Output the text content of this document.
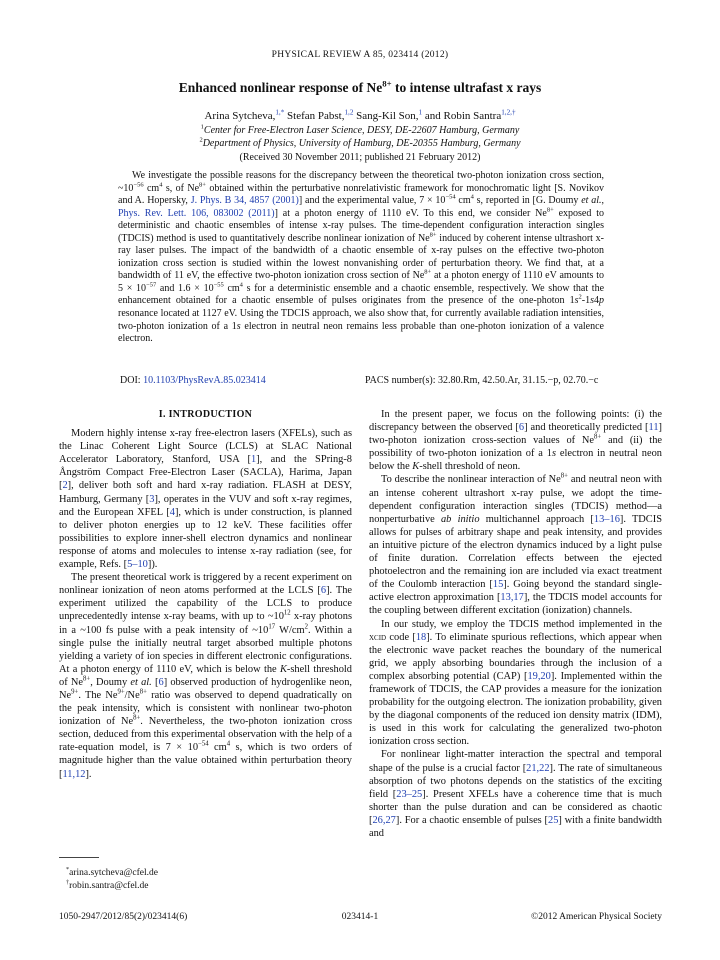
PHYSICAL REVIEW A 85, 023414 (2012)
Enhanced nonlinear response of $Ne^{8+}$ to intense ultrafast x rays
Arina Sytcheva,$^{1,*}$ Stefan Pabst,$^{1,2}$ Sang-Kil Son,$^1$ and Robin Santra$^{1,2,\dagger}$
$^1$Center for Free-Electron Laser Science, DESY, DE-22607 Hamburg, Germany
$^2$Department of Physics, University of Hamburg, DE-20355 Hamburg, Germany
(Received 30 November 2011; published 21 February 2012)
We investigate the possible reasons for the discrepancy between the theoretical two-photon ionization cross section, $\sim 10^{-56}$ $cm^4$ s, of $Ne^{8+}$ obtained within the perturbative nonrelativistic framework for monochromatic light [S. Novikov and A. Hopersky, J. Phys. B 34, 4857 (2001)] and the experimental value, $7 \times 10^{-54}$ $cm^4$ s, reported in [G. Doumy et al., Phys. Rev. Lett. 106, 083002 (2011)] at a photon energy of 1110 eV. To this end, we consider $Ne^{8+}$ exposed to deterministic and chaotic ensembles of intense x-ray pulses. The time-dependent configuration interaction singles (TDCIS) method is used to quantitatively describe nonlinear ionization of $Ne^{8+}$ induced by coherent intense ultrashort x-ray laser pulses. The impact of the bandwidth of a chaotic ensemble of x-ray pulses on the effective two-photon ionization cross section is studied within the lowest nonvanishing order of perturbation theory. We find that, at a bandwidth of 11 eV, the effective two-photon ionization cross section of $Ne^{8+}$ at a photon energy of 1110 eV amounts to $5 \times 10^{-57}$ and $1.6 \times 10^{-55}$ $cm^4$ s for a deterministic ensemble and a chaotic ensemble, respectively. We show that the enhancement obtained for a chaotic ensemble of pulses originates from the presence of the one-photon $1s^2-1s4p$ resonance located at 1127 eV. Using the TDCIS approach, we also show that, for currently available radiation intensities, two-photon ionization of a 1s electron in neutral neon remains less probable than one-photon ionization of a valence electron.
DOI: 10.1103/PhysRevA.85.023414	PACS number(s): 32.80.Rm, 42.50.Ar, 31.15.−p, 02.70.−c
I. INTRODUCTION

Modern highly intense x-ray free-electron lasers (XFELs), such as the Linac Coherent Light Source (LCLS) at SLAC National Accelerator Laboratory, Stanford, USA [1], and the SPring-8 Ångström Compact Free-Electron Laser (SACLA), Harima, Japan [2], deliver both soft and hard x-ray radiation. FLASH at DESY, Hamburg, Germany [3], operates in the VUV and soft x-ray regimes, and the European XFEL [4], which is under construction, is planned to deliver photon energies up to 12 keV. These facilities offer possibilities to explore inner-shell electron dynamics and nonlinear response of atoms and molecules to intense x-ray radiation (see, for example, Refs. [5–10]).

The present theoretical work is triggered by a recent experiment on nonlinear ionization of neon atoms performed at the LCLS [6]. The experiment utilized the capability of the LCLS to produce unprecedentedly intense x-ray beams, with up to $\sim 10^{12}$ x-ray photons in a ~100 fs pulse with a peak intensity of $\sim 10^{17}$ $W/cm^2$. Within a single pulse the initially neutral target absorbed multiple photons yielding a variety of ion species in different electronic configurations. At a photon energy of 1110 eV, which is below the K-shell threshold of $Ne^{8+}$, Doumy et al. [6] observed production of hydrogenlike neon, $Ne^{9+}$. The $Ne^{9+}/Ne^{8+}$ ratio was observed to depend quadratically on the peak intensity, which is consistent with nonlinear two-photon ionization of $Ne^{8+}$. Nevertheless, the two-photon ionization cross section, deduced from this experimental observation with the help of a rate-equation model, is $7 \times 10^{-54}$ $cm^4$ s, which is two orders of magnitude higher than the value obtained within perturbation theory [11,12].

In the present paper, we focus on the following points: (i) the discrepancy between the observed [6] and theoretically predicted [11] two-photon ionization cross-section values of $Ne^{8+}$ and (ii) the possibility of two-photon ionization of a 1s electron in neutral neon below the K-shell threshold of neon.

To describe the nonlinear interaction of $Ne^{8+}$ and neutral neon with an intense coherent ultrashort x-ray pulse, we adopt the time-dependent configuration interaction singles (TDCIS) method—a nonperturbative ab initio multichannel approach [13–16]. TDCIS allows for pulses of arbitrary shape and peak intensity, and provides an intuitive picture of the electron dynamics induced by a light pulse of finite duration. Correlation effects between the ejected photoelectron and the remaining ion are included via exact treatment of the Coulomb interaction [15]. Going beyond the standard single-active electron approximation [13,17], the TDCIS model accounts for the coupling between different excitation (ionization) channels.

In our study, we employ the TDCIS method implemented in the xcid code [18]. To eliminate spurious reflections, which appear when the electronic wave packet reaches the boundary of the numerical grid, we apply absorbing boundaries through the inclusion of a complex absorbing potential (CAP) [19,20]. Implemented within the framework of TDCIS, the CAP provides a measure for the ionization probability for the outgoing electron. The ionization probability, given by the diagonal components of the reduced ion density matrix (IDM), is used in this work for calculating the generalized two-photon ionization cross section.

For nonlinear light-matter interaction the spectral and temporal shape of the pulse is a crucial factor [21,22]. The rate of simultaneous absorption of two photons depends on the statistics of the exciting field [23–25]. Present XFELs have a coherence time that is much shorter than the pulse duration and can be considered as chaotic [26,27]. For a chaotic ensemble of pulses [25] with a finite bandwidth and

*arina.sytcheva@cfel.de
†robin.santra@cfel.de
1050-2947/2012/85(2)/023414(6)	023414-1	©2012 American Physical Society
